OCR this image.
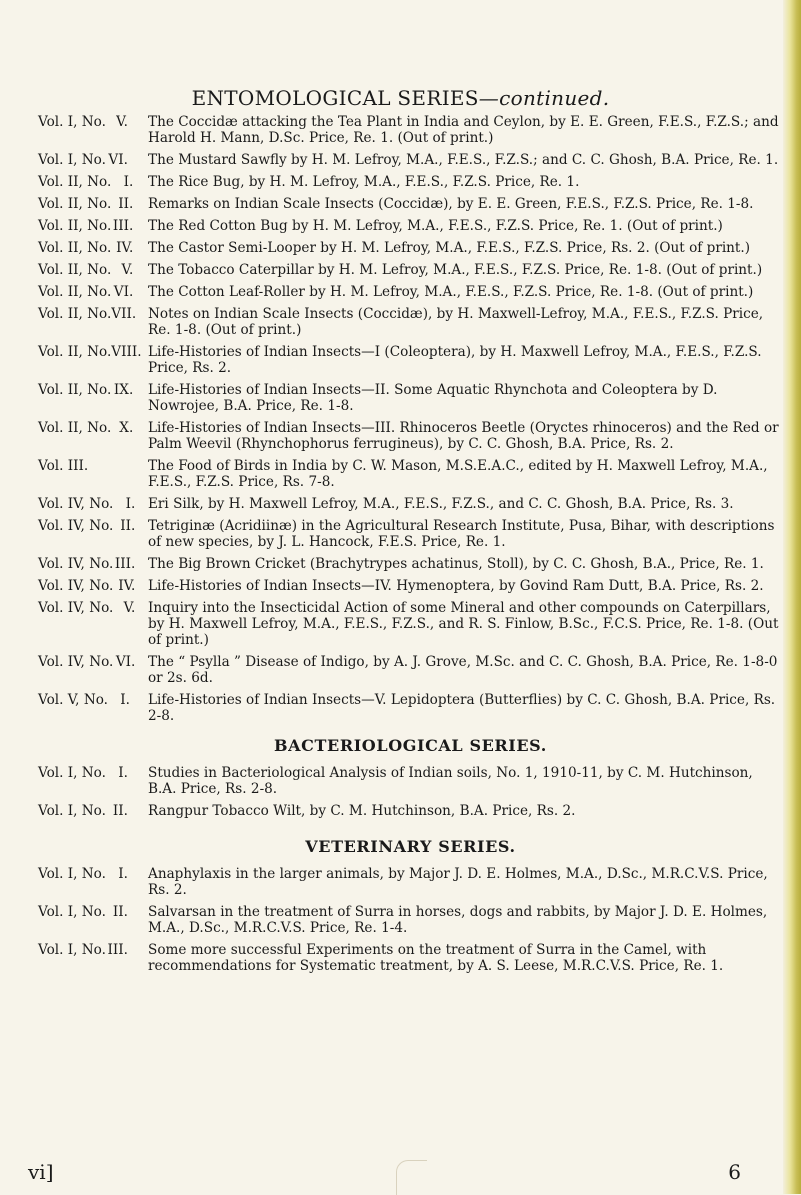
ENTOMOLOGICAL SERIES—continued.
Vol. I, No. V.	The Coccidæ attacking the Tea Plant in India and Ceylon, by E. E. Green, F.E.S., F.Z.S.; and Harold H. Mann, D.Sc. Price, Re. 1. (Out of print.)
Vol. I, No. VI.	The Mustard Sawfly by H. M. Lefroy, M.A., F.E.S., F.Z.S.; and C. C. Ghosh, B.A. Price, Re. 1.
Vol. II, No. I.	The Rice Bug, by H. M. Lefroy, M.A., F.E.S., F.Z.S. Price, Re. 1.
Vol. II, No. II.	Remarks on Indian Scale Insects (Coccidæ), by E. E. Green, F.E.S., F.Z.S. Price, Re. 1-8.
Vol. II, No. III.	The Red Cotton Bug by H. M. Lefroy, M.A., F.E.S., F.Z.S. Price, Re. 1. (Out of print.)
Vol. II, No. IV.	The Castor Semi-Looper by H. M. Lefroy, M.A., F.E.S., F.Z.S. Price, Rs. 2. (Out of print.)
Vol. II, No. V.	The Tobacco Caterpillar by H. M. Lefroy, M.A., F.E.S., F.Z.S. Price, Re. 1-8. (Out of print.)
Vol. II, No. VI.	The Cotton Leaf-Roller by H. M. Lefroy, M.A., F.E.S., F.Z.S. Price, Re. 1-8. (Out of print.)
Vol. II, No.VII. Notes on Indian Scale Insects (Coccidæ), by H. Maxwell-Lefroy, M.A., F.E.S., F.Z.S. Price, Re. 1-8. (Out of print.)
Vol. II, No.VIII. Life-Histories of Indian Insects—I (Coleoptera), by H. Maxwell Lefroy, M.A., F.E.S., F.Z.S. Price, Rs. 2.
Vol. II, No. IX.	Life-Histories of Indian Insects—II. Some Aquatic Rhynchota and Coleoptera by D. Nowrojee, B.A. Price, Re. 1-8.
Vol. II, No. X.	Life-Histories of Indian Insects—III. Rhinoceros Beetle (Oryctes rhinoceros) and the Red or Palm Weevil (Rhynchophorus ferrugineus), by C. C. Ghosh, B.A. Price, Rs. 2.
Vol. III.	The Food of Birds in India by C. W. Mason, M.S.E.A.C., edited by H. Maxwell Lefroy, M.A., F.E.S., F.Z.S. Price, Rs. 7-8.
Vol. IV, No. I. Eri Silk, by H. Maxwell Lefroy, M.A., F.E.S., F.Z.S., and C. C. Ghosh, B.A. Price, Rs. 3.
Vol. IV, No. II. Tetriginæ (Acridiinæ) in the Agricultural Research Institute, Pusa, Bihar, with descriptions of new species, by J. L. Hancock, F.E.S. Price, Re. 1.
Vol. IV, No. III. The Big Brown Cricket (Brachytrypes achatinus, Stoll), by C. C. Ghosh, B.A., Price, Re. 1.
Vol. IV, No. IV. Life-Histories of Indian Insects—IV. Hymenoptera, by Govind Ram Dutt, B.A. Price, Rs. 2.
Vol. IV, No. V. Inquiry into the Insecticidal Action of some Mineral and other compounds on Caterpillars, by H. Maxwell Lefroy, M.A., F.E.S., F.Z.S., and R. S. Finlow, B.Sc., F.C.S. Price, Re. 1-8. (Out of print.)
Vol. IV, No. VI. The “ Psylla ” Disease of Indigo, by A. J. Grove, M.Sc. and C. C. Ghosh, B.A. Price, Re. 1-8-0 or 2s. 6d.
Vol. V, No. I.	Life-Histories of Indian Insects—V. Lepidoptera (Butterflies) by C. C. Ghosh, B.A. Price, Rs. 2-8.
BACTERIOLOGICAL SERIES.
Vol. I, No. I.	Studies in Bacteriological Analysis of Indian soils, No. 1, 1910-11, by C. M. Hutchinson, B.A. Price, Rs. 2-8.
Vol. I, No. II.	Rangpur Tobacco Wilt, by C. M. Hutchinson, B.A. Price, Rs. 2.
VETERINARY SERIES.
Vol. I, No. I.	Anaphylaxis in the larger animals, by Major J. D. E. Holmes, M.A., D.Sc., M.R.C.V.S. Price, Rs. 2.
Vol. I, No. II.	Salvarsan in the treatment of Surra in horses, dogs and rabbits, by Major J. D. E. Holmes, M.A., D.Sc., M.R.C.V.S. Price, Re. 1-4.
Vol. I, No. III.	Some more successful Experiments on the treatment of Surra in the Camel, with recommendations for Systematic treatment, by A. S. Leese, M.R.C.V.S. Price, Re. 1.
vi]	6
